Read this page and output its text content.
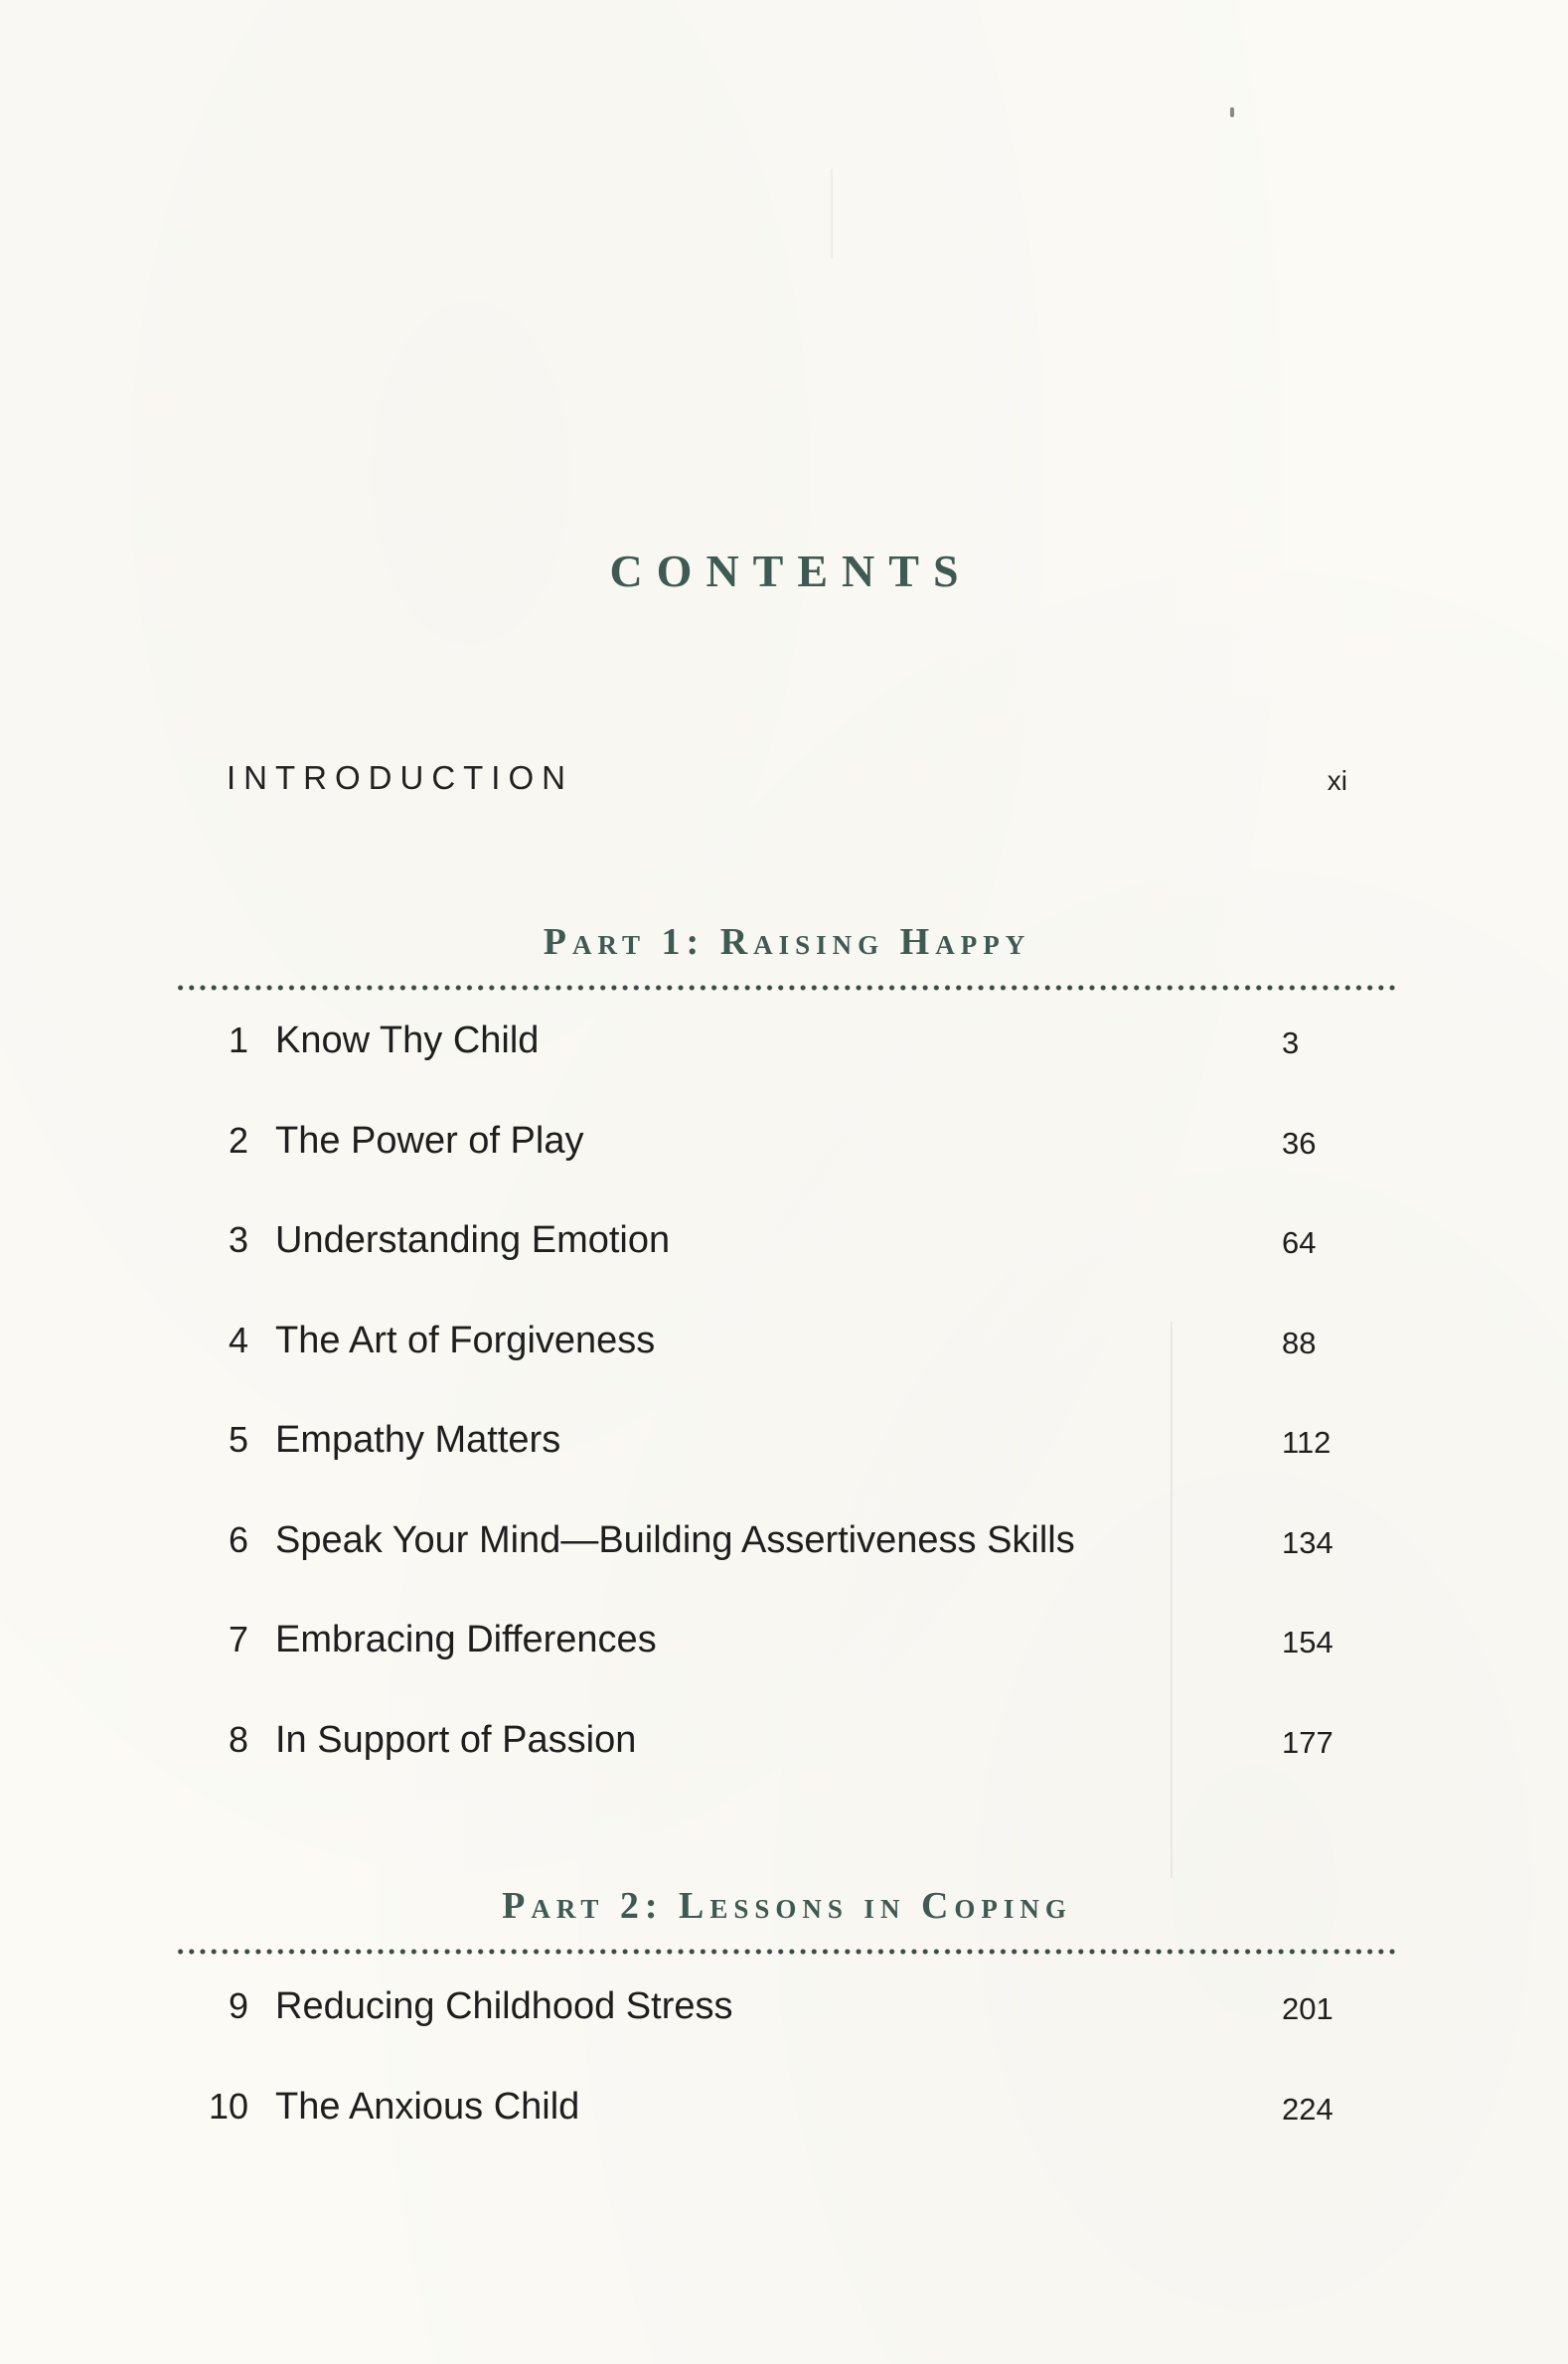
CONTENTS
INTRODUCTION	xi
Part 1: Raising Happy
1 Know Thy Child	3
2 The Power of Play	36
3 Understanding Emotion	64
4 The Art of Forgiveness	88
5 Empathy Matters	112
6 Speak Your Mind—Building Assertiveness Skills	134
7 Embracing Differences	154
8 In Support of Passion	177
Part 2: Lessons in Coping
9 Reducing Childhood Stress	201
10 The Anxious Child	224
